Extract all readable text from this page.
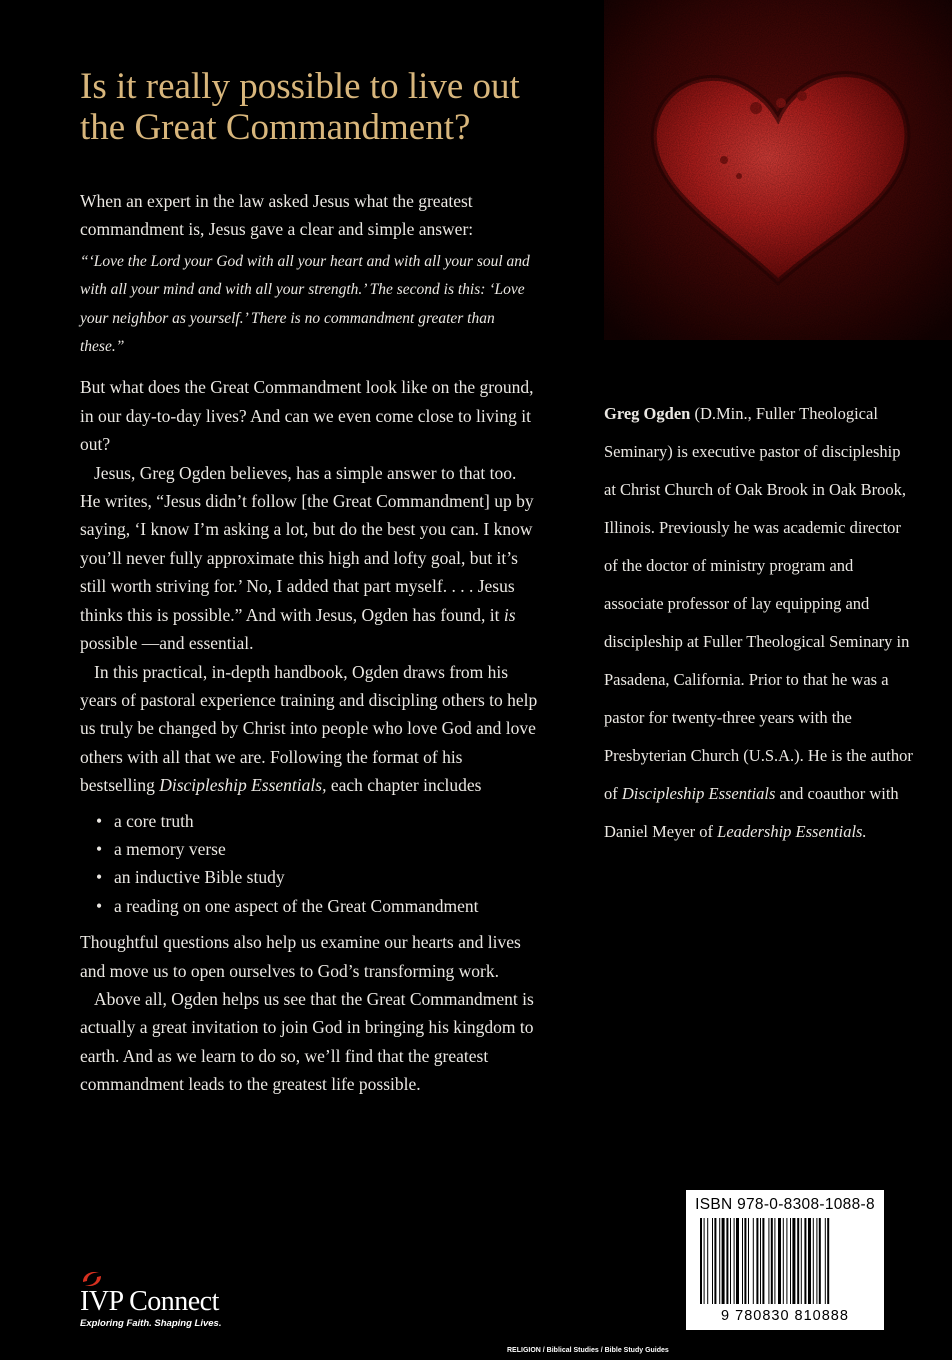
Is it really possible to live out
the Great Commandment?

When an expert in the law asked Jesus what the greatest commandment is, Jesus gave a clear and simple answer:

“‘Love the Lord your God with all your heart and with all your soul and with all your mind and with all your strength.’ The second is this: ‘Love your neighbor as yourself.’ There is no commandment greater than these.”

But what does the Great Commandment look like on the ground, in our day-to-day lives? And can we even come close to living it out?

Jesus, Greg Ogden believes, has a simple answer to that too. He writes, “Jesus didn’t follow [the Great Commandment] up by saying, ‘I know I’m asking a lot, but do the best you can. I know you’ll never fully approximate this high and lofty goal, but it’s still worth striving for.’ No, I added that part myself. . . . Jesus thinks this is possible.” And with Jesus, Ogden has found, it is possible —and essential.

In this practical, in-depth handbook, Ogden draws from his years of pastoral experience training and discipling others to help us truly be changed by Christ into people who love God and love others with all that we are. Following the format of his bestselling Discipleship Essentials, each chapter includes

• a core truth
• a memory verse
• an inductive Bible study
• a reading on one aspect of the Great Commandment

Thoughtful questions also help us examine our hearts and lives and move us to open ourselves to God’s transforming work.

Above all, Ogden helps us see that the Great Commandment is actually a great invitation to join God in bringing his kingdom to earth. And as we learn to do so, we’ll find that the greatest commandment leads to the greatest life possible.

Greg Ogden (D.Min., Fuller Theological Seminary) is executive pastor of discipleship at Christ Church of Oak Brook in Oak Brook, Illinois. Previously he was academic director of the doctor of ministry program and associate professor of lay equipping and discipleship at Fuller Theological Seminary in Pasadena, California. Prior to that he was a pastor for twenty-three years with the Presbyterian Church (U.S.A.). He is the author of Discipleship Essentials and coauthor with Daniel Meyer of Leadership Essentials.
IVP Connect
Exploring Faith. Shaping Lives.
RELIGION / Biblical Studies / Bible Study Guides
ISBN 978-0-8308-1088-8
9 780830 810888
